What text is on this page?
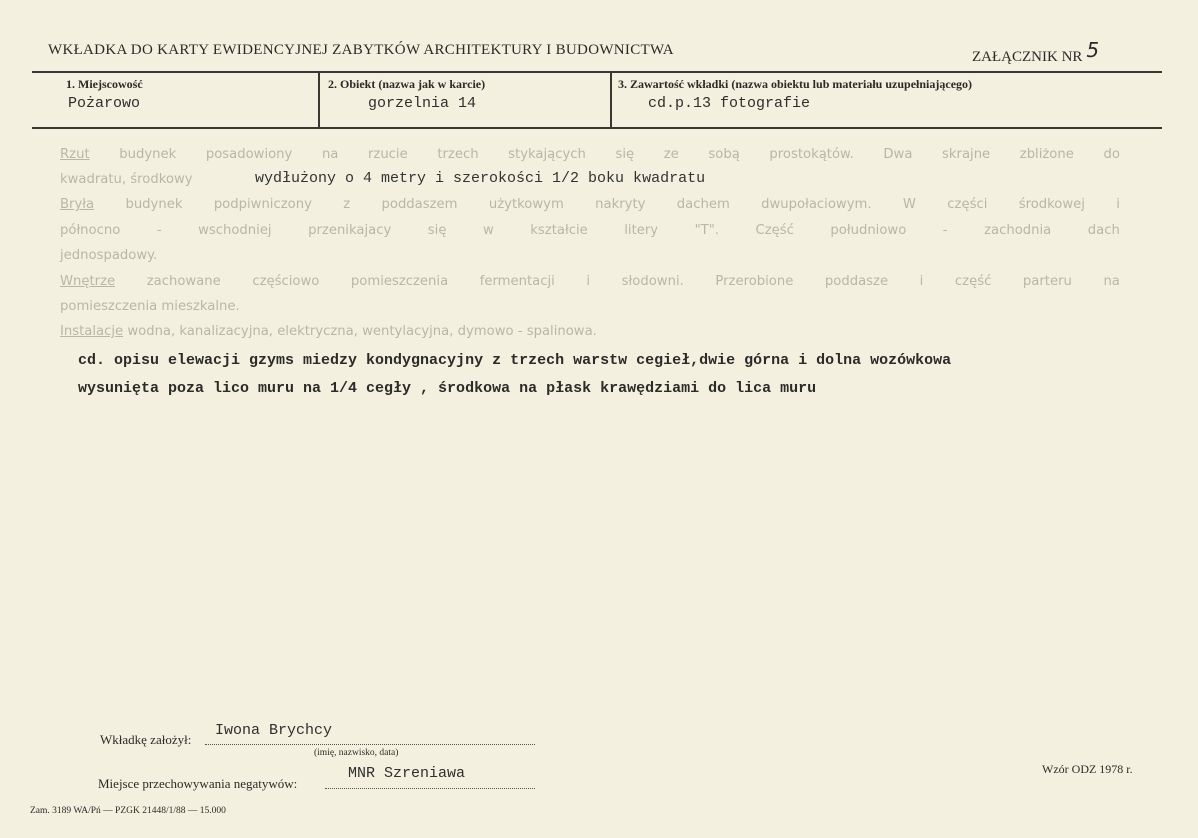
WKŁADKA DO KARTY EWIDENCYJNEJ ZABYTKÓW ARCHITEKTURY I BUDOWNICTWA	ZAŁĄCZNIK NR 5
1. Miejscowość
Pożarowo
2. Obiekt (nazwa jak w karcie)
gorzelnia 14
3. Zawartość wkładki (nazwa obiektu lub materiału uzupełniającego)
cd.p.13 fotografie
Rzut budynek posadowiony na rzucie trzech stykających się ze sobą prostokątów. Dwa skrajne zbliżone do
kwadratu, środkowy
Bryła budynek podpiwniczony z poddaszem użytkowym nakryty dachem dwupołaciowym. W części środkowej i
północno	-	wschodniej	przenikajacy	się	w	kształcie	litery	"T".	Część	południowo	-	zachodnia	dach
jednospadowy.
Wnętrze zachowane częściowo pomieszczenia fermentacji i słodowni. Przerobione poddasze i część parteru na
pomieszczenia mieszkalne.
Instalacje wodna, kanalizacyjna, elektryczna, wentylacyjna, dymowo - spalinowa.
wydłużony o 4 metry i szerokości 1/2 boku kwadratu
cd. opisu elewacji gzyms miedzy kondygnacyjny z trzech warstw cegieł,dwie górna i dolna wozówkowa
wysunięta poza lico muru na 1/4 cegły , środkowa na płask krawędziami do lica muru
Wkładkę założył:
Iwona Brychcy
(imię, nazwisko, data)
Miejsce przechowywania negatywów:
MNR Szreniawa	Wzór ODZ 1978 r.
Zam. 3189 WA/Pń — PZGK 21448/1/88 — 15.000
